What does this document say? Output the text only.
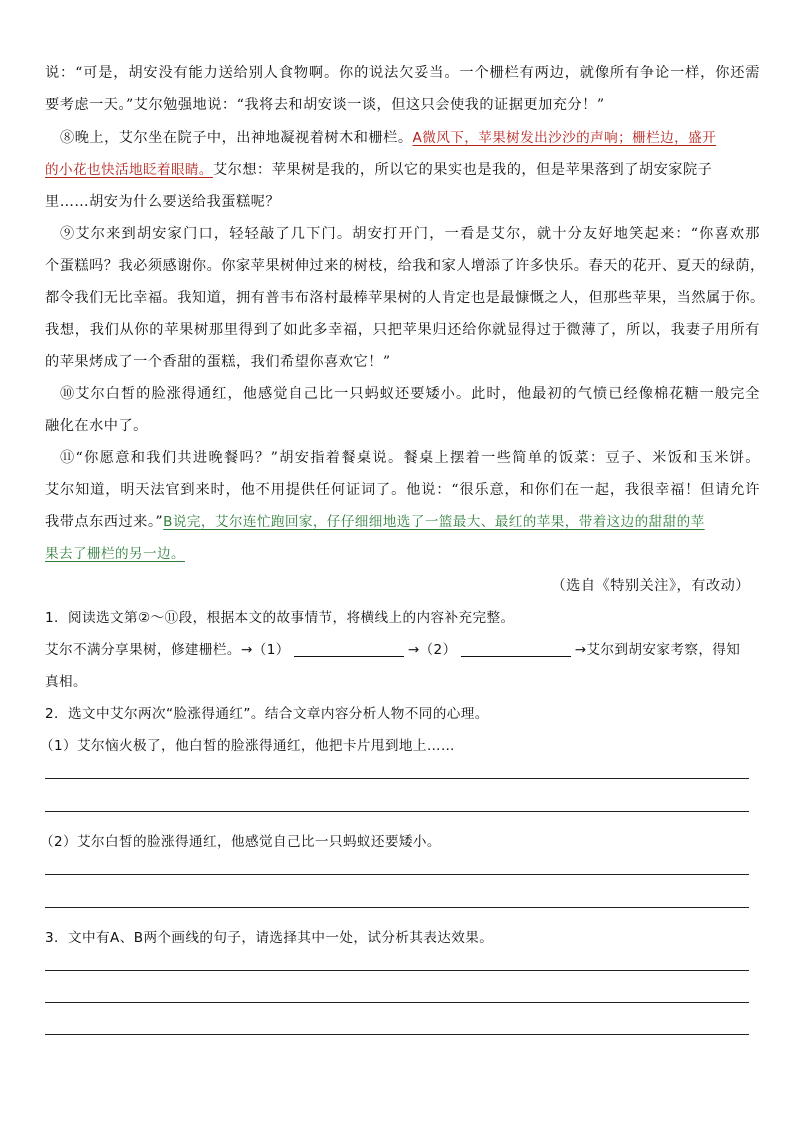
说：“可是，胡安没有能力送给别人食物啊。你的说法欠妥当。一个栅栏有两边，就像所有争论一样，你还需
要考虑一天。”艾尔勉强地说：“我将去和胡安谈一谈，但这只会使我的证据更加充分！”
⑧晚上，艾尔坐在院子中，出神地凝视着树木和栅栏。A微风下，苹果树发出沙沙的声响；栅栏边，盛开
的小花也快活地眨着眼睛。艾尔想：苹果树是我的，所以它的果实也是我的，但是苹果落到了胡安家院子
里……胡安为什么要送给我蛋糕呢？
⑨艾尔来到胡安家门口，轻轻敲了几下门。胡安打开门，一看是艾尔，就十分友好地笑起来：“你喜欢那
个蛋糕吗？我必须感谢你。你家苹果树伸过来的树枝，给我和家人增添了许多快乐。春天的花开、夏天的绿荫，
都令我们无比幸福。我知道，拥有普韦布洛村最棒苹果树的人肯定也是最慷慨之人，但那些苹果，当然属于你。
我想，我们从你的苹果树那里得到了如此多幸福，只把苹果归还给你就显得过于微薄了，所以，我妻子用所有
的苹果烤成了一个香甜的蛋糕，我们希望你喜欢它！”
⑩艾尔白皙的脸涨得通红，他感觉自己比一只蚂蚁还要矮小。此时，他最初的气愤已经像棉花糖一般完全
融化在水中了。
⑪“你愿意和我们共进晚餐吗？”胡安指着餐桌说。餐桌上摆着一些简单的饭菜：豆子、米饭和玉米饼。
艾尔知道，明天法官到来时，他不用提供任何证词了。他说：“很乐意，和你们在一起，我很幸福！但请允许
我带点东西过来。”B说完，艾尔连忙跑回家，仔仔细细地选了一篮最大、最红的苹果，带着这边的甜甜的苹
果去了栅栏的另一边。
（选自《特别关注》，有改动）
1．阅读选文第②～⑪段，根据本文的故事情节，将横线上的内容补充完整。
艾尔不满分享果树，修建栅栏。→（1）	→（2）	→艾尔到胡安家考察，得知
真相。
2．选文中艾尔两次“脸涨得通红”。结合文章内容分析人物不同的心理。
（1）艾尔恼火极了，他白皙的脸涨得通红，他把卡片甩到地上……
（2）艾尔白皙的脸涨得通红，他感觉自己比一只蚂蚁还要矮小。
3．文中有A、B两个画线的句子，请选择其中一处，试分析其表达效果。
